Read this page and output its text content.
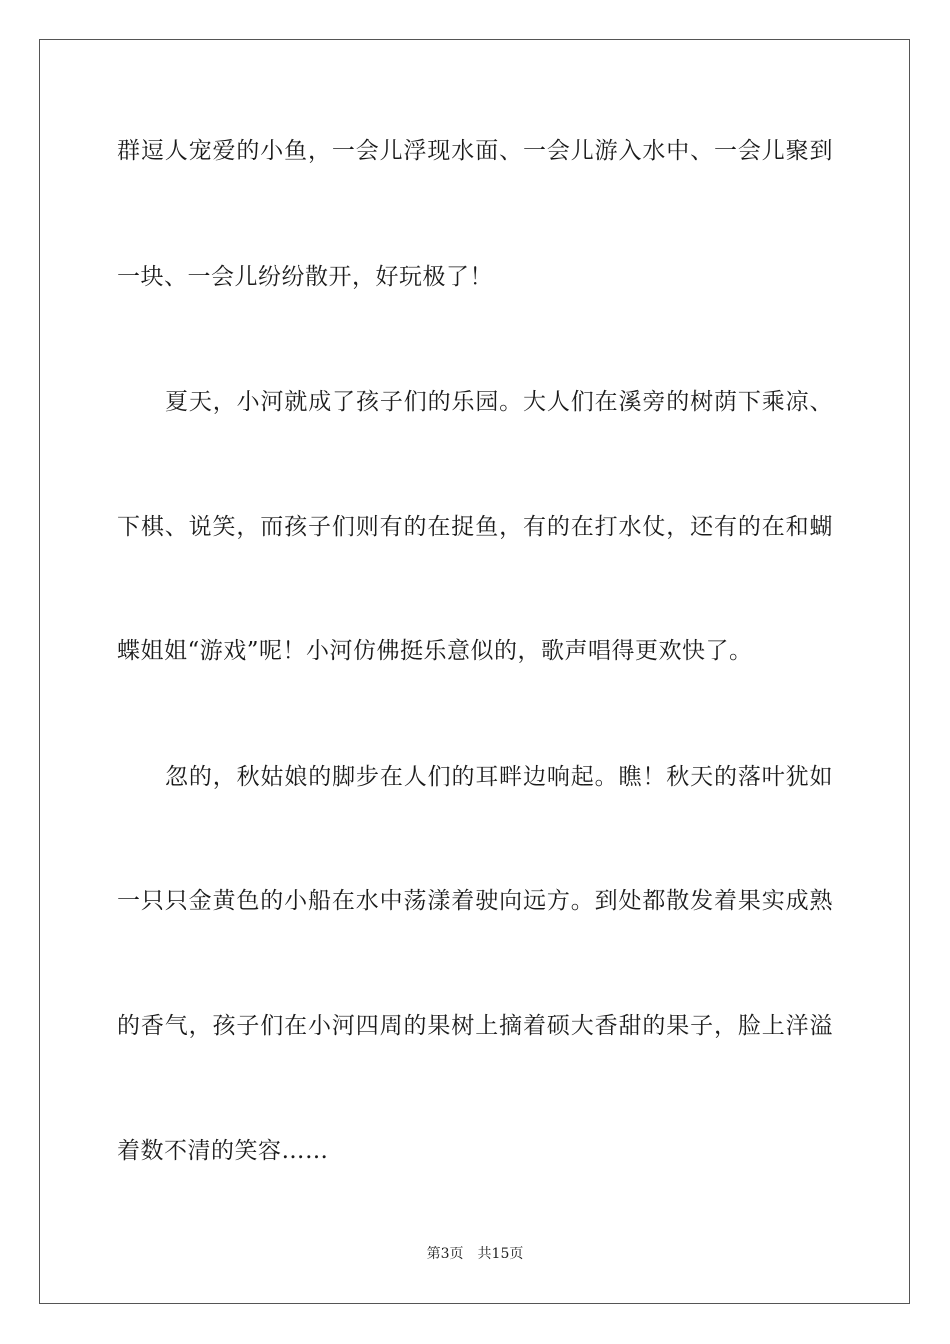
群逗人宠爱的小鱼，一会儿浮现水面、一会儿游入水中、一会儿聚到
一块、一会儿纷纷散开，好玩极了！
夏天，小河就成了孩子们的乐园。大人们在溪旁的树荫下乘凉、
下棋、说笑，而孩子们则有的在捉鱼，有的在打水仗，还有的在和蝴
蝶姐姐“游戏”呢！小河仿佛挺乐意似的，歌声唱得更欢快了。
忽的，秋姑娘的脚步在人们的耳畔边响起。瞧！秋天的落叶犹如
一只只金黄色的小船在水中荡漾着驶向远方。到处都散发着果实成熟
的香气，孩子们在小河四周的果树上摘着硕大香甜的果子，脸上洋溢
着数不清的笑容……
第3页 共15页
